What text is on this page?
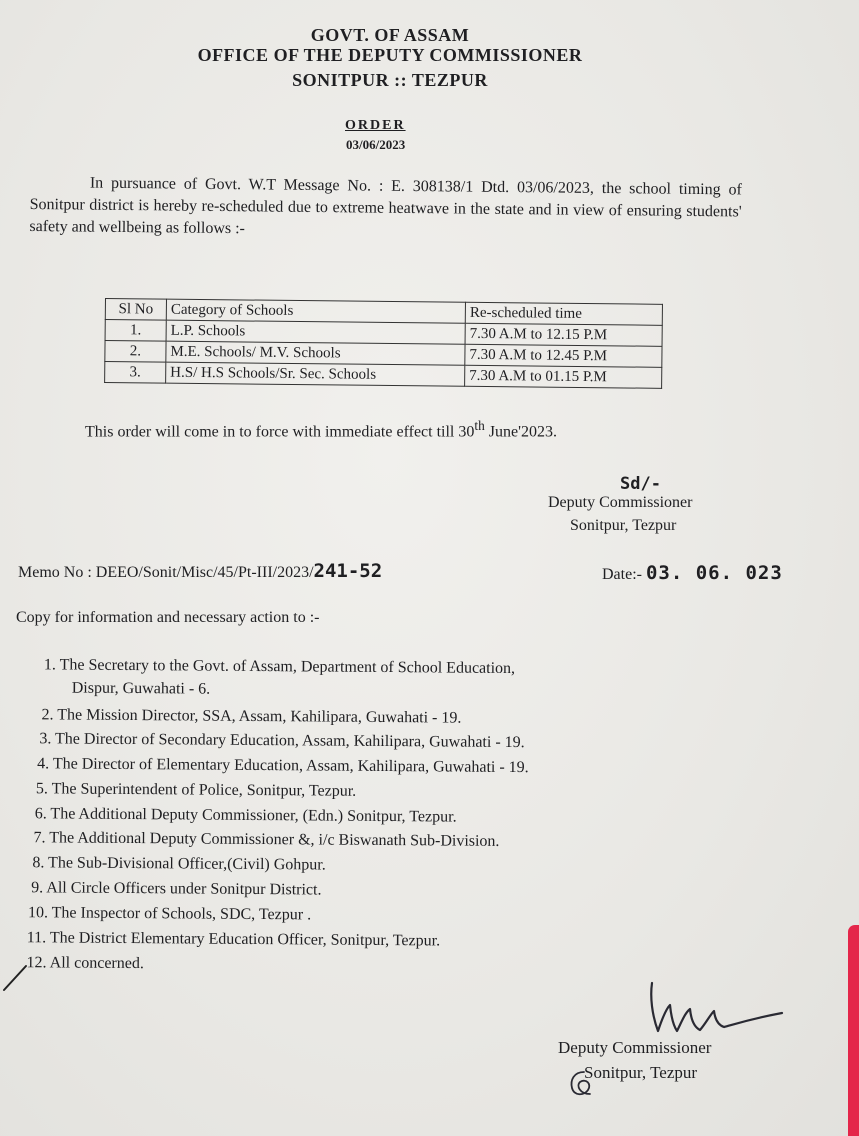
GOVT. OF ASSAM
OFFICE OF THE DEPUTY COMMISSIONER
SONITPUR :: TEZPUR
ORDER
03/06/2023
In pursuance of Govt. W.T Message No. : E. 308138/1 Dtd. 03/06/2023, the school timing of Sonitpur district is hereby re-scheduled due to extreme heatwave in the state and in view of ensuring students' safety and wellbeing as follows :-
Sl No	Category of Schools	Re-scheduled time
1.	L.P. Schools	7.30 A.M to 12.15 P.M
2.	M.E. Schools/ M.V. Schools	7.30 A.M to 12.45 P.M
3.	H.S/ H.S Schools/Sr. Sec. Schools	7.30 A.M to 01.15 P.M
This order will come in to force with immediate effect till 30th June'2023.
Sd/-
Deputy Commissioner
Sonitpur, Tezpur
Memo No : DEEO/Sonit/Misc/45/Pt-III/2023/241-52	Date:- 03. 06. 023
Copy for information and necessary action to :-
1. The Secretary to the Govt. of Assam, Department of School Education,
Dispur, Guwahati - 6.
2. The Mission Director, SSA, Assam, Kahilipara, Guwahati - 19.
3. The Director of Secondary Education, Assam, Kahilipara, Guwahati - 19.
4. The Director of Elementary Education, Assam, Kahilipara, Guwahati - 19.
5. The Superintendent of Police, Sonitpur, Tezpur.
6. The Additional Deputy Commissioner, (Edn.) Sonitpur, Tezpur.
7. The Additional Deputy Commissioner &, i/c Biswanath Sub-Division.
8. The Sub-Divisional Officer,(Civil) Gohpur.
9. All Circle Officers under Sonitpur District.
10. The Inspector of Schools, SDC, Tezpur .
11. The District Elementary Education Officer, Sonitpur, Tezpur.
12. All concerned.
Deputy Commissioner
Sonitpur, Tezpur
